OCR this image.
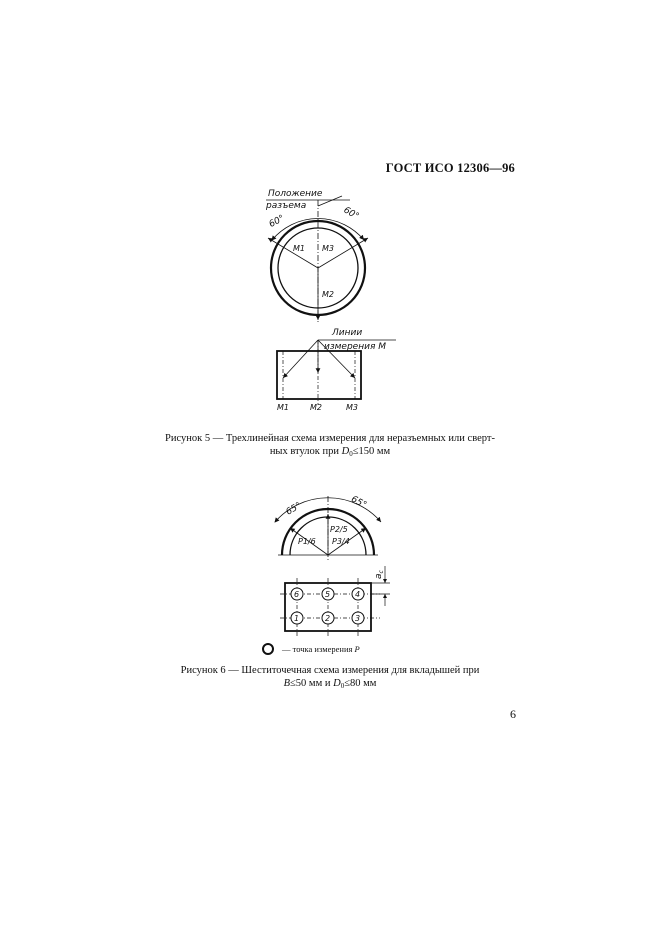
ГОСТ ИСО 12306—96
Положение
разъема
60°	60°
M1 M3
M2
Линии
измерения M
M1	M2	M3
65°	65°
P1/6
P2/5
P3/4
6	5	4
1	2	3
$a_c$
Рисунок 5 — Трехлинейная схема измерения для неразъемных или сверт-
ных втулок при $D_0\le 150$ мм
— точка измерения P
Рисунок 6 — Шеститочечная схема измерения для вкладышей при
B≤50 мм и $D_0\le 80$ мм
6
